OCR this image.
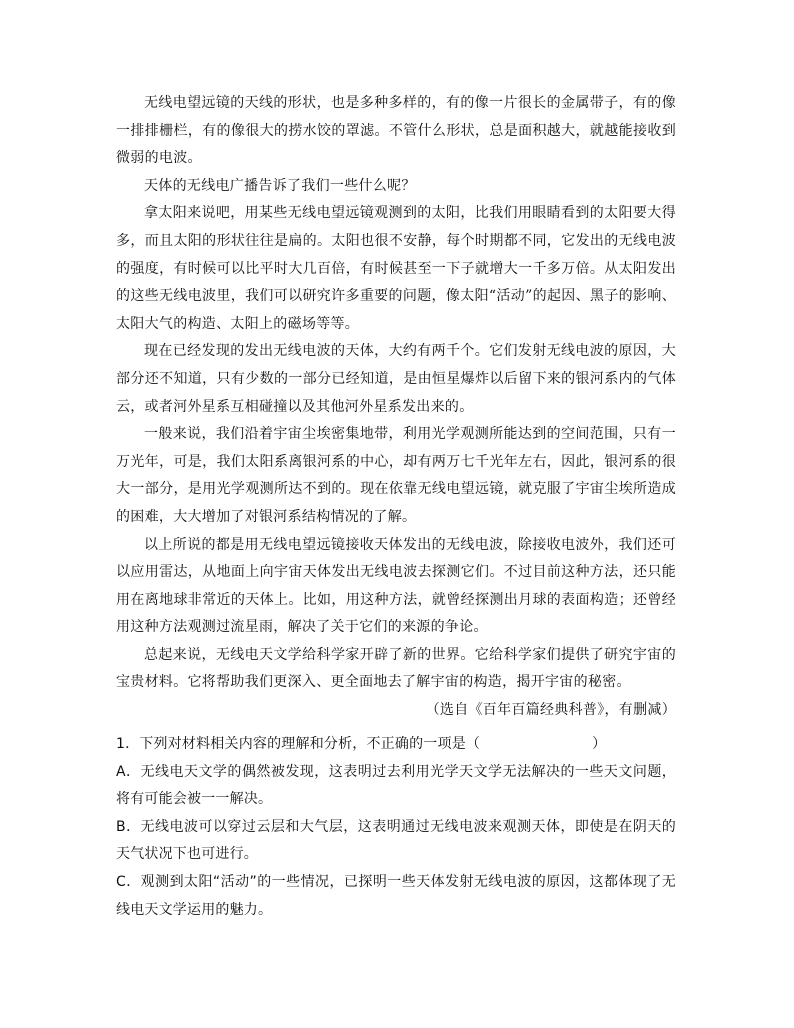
无线电望远镜的天线的形状，也是多种多样的，有的像一片很长的金属带子，有的像一排排栅栏，有的像很大的捞水饺的罩滤。不管什么形状，总是面积越大，就越能接收到微弱的电波。

天体的无线电广播告诉了我们一些什么呢？

拿太阳来说吧，用某些无线电望远镜观测到的太阳，比我们用眼睛看到的太阳要大得多，而且太阳的形状往往是扁的。太阳也很不安静，每个时期都不同，它发出的无线电波的强度，有时候可以比平时大几百倍，有时候甚至一下子就增大一千多万倍。从太阳发出的这些无线电波里，我们可以研究许多重要的问题，像太阳“活动”的起因、黑子的影响、太阳大气的构造、太阳上的磁场等等。

现在已经发现的发出无线电波的天体，大约有两千个。它们发射无线电波的原因，大部分还不知道，只有少数的一部分已经知道，是由恒星爆炸以后留下来的银河系内的气体云，或者河外星系互相碰撞以及其他河外星系发出来的。

一般来说，我们沿着宇宙尘埃密集地带，利用光学观测所能达到的空间范围，只有一万光年，可是，我们太阳系离银河系的中心，却有两万七千光年左右，因此，银河系的很大一部分，是用光学观测所达不到的。现在依靠无线电望远镜，就克服了宇宙尘埃所造成的困难，大大增加了对银河系结构情况的了解。

以上所说的都是用无线电望远镜接收天体发出的无线电波，除接收电波外，我们还可以应用雷达，从地面上向宇宙天体发出无线电波去探测它们。不过目前这种方法，还只能用在离地球非常近的天体上。比如，用这种方法，就曾经探测出月球的表面构造；还曾经用这种方法观测过流星雨，解决了关于它们的来源的争论。

总起来说，无线电天文学给科学家开辟了新的世界。它给科学家们提供了研究宇宙的宝贵材料。它将帮助我们更深入、更全面地去了解宇宙的构造，揭开宇宙的秘密。

（选自《百年百篇经典科普》，有删减）

1．下列对材料相关内容的理解和分析，不正确的一项是（	）

A．无线电天文学的偶然被发现，这表明过去利用光学天文学无法解决的一些天文问题，将有可能会被一一解决。

B．无线电波可以穿过云层和大气层，这表明通过无线电波来观测天体，即使是在阴天的天气状况下也可进行。

C．观测到太阳“活动”的一些情况，已探明一些天体发射无线电波的原因，这都体现了无线电天文学运用的魅力。
